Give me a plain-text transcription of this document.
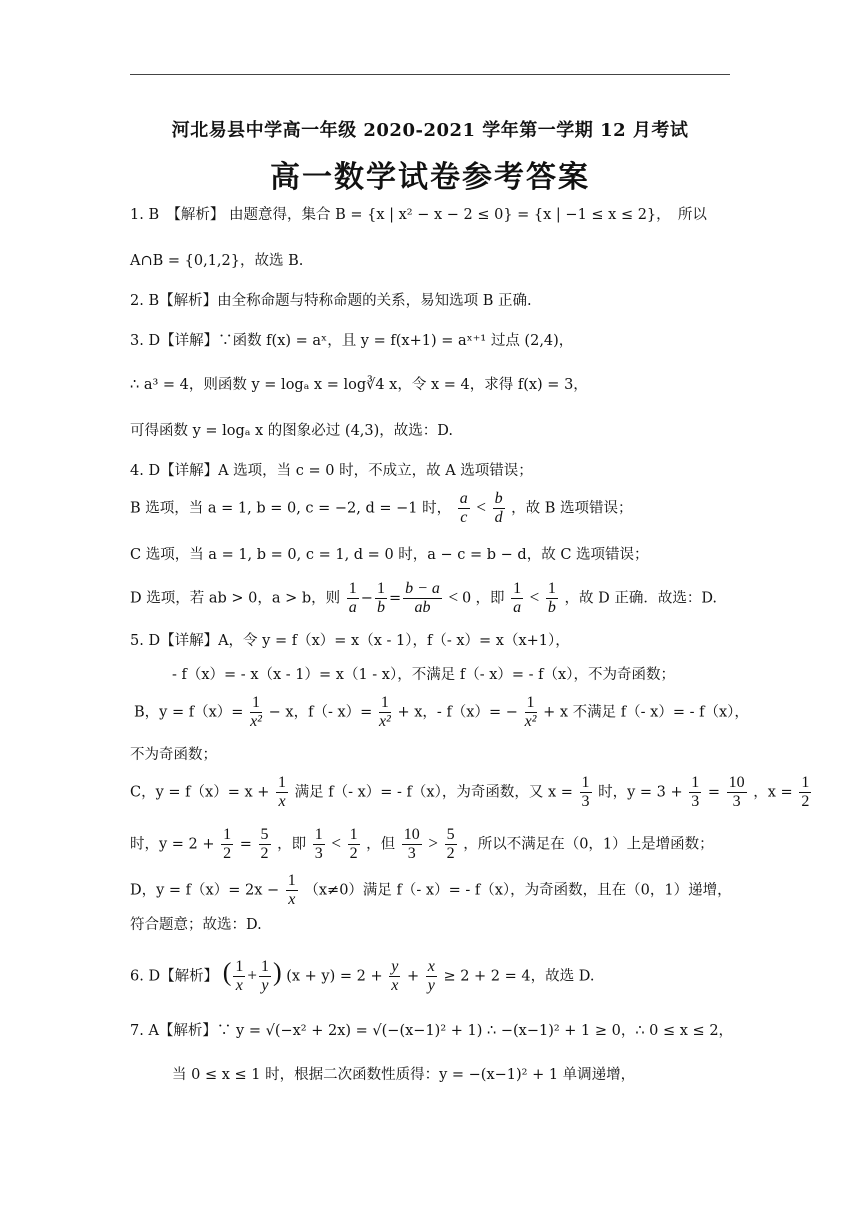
河北易县中学高一年级 2020-2021 学年第一学期 12 月考试
高一数学试卷参考答案
1. B　【解析】 由题意得，集合 B = {x | x² − x − 2 ≤ 0} = {x | −1 ≤ x ≤ 2}，　所以
A∩B = {0,1,2}，故选 B.
2. B【解析】由全称命题与特称命题的关系，易知选项 B 正确.
3. D【详解】∵函数 f(x) = aˣ，且 y = f(x+1) = aˣ⁺¹ 过点 (2,4)，
∴ a³ = 4，则函数 y = logₐ x = log∛4 x，令 x = 4，求得 f(x) = 3，
可得函数 y = logₐ x 的图象必过 (4,3)，故选：D.
4. D【详解】A 选项，当 c = 0 时，不成立，故 A 选项错误；
B 选项，当 a = 1, b = 0, c = −2, d = −1 时， $\frac{a}{c} < \frac{b}{d}$ ，故 B 选项错误；
C 选项，当 a = 1, b = 0, c = 1, d = 0 时，a − c = b − d，故 C 选项错误；
D 选项，若 ab > 0，a > b，则 $\frac{1}{a} - \frac{1}{b} = \frac{b - a}{ab} < 0$ ，即 $\frac{1}{a} < \frac{1}{b}$ ，故 D 正确．故选：D.
5. D【详解】A，令 y = f（x）= x（x - 1），f（- x）= x（x+1），
- f（x）= - x（x - 1）= x（1 - x），不满足 f（- x）= - f（x），不为奇函数；
B，$y = f(x)= \frac{1}{\text{x²}} - x$，f（- $x)= \frac{1}{\text{x²}} + x$，- $f(x)= - \frac{1}{\text{x²}} + x$ 不满足 f（- x）= - f（x），
不为奇函数；
C，$y = f(x)= x + \frac{1}{x}$ 满足 f（- x）= - f（x），为奇函数，又 $x = \frac{1}{3}$ 时，$y = 3 + \frac{1}{3} = \frac{10}{3}$ ，$x = \frac{1}{2}$
时，$y = 2 + \frac{1}{2} = \frac{5}{2}$ ，即 $\frac{1}{3} < \frac{1}{2}$ ，但 $\frac{10}{3} > \frac{5}{2}$ ，所以不满足在（0，1）上是增函数；
D，$y = f(x)= 2x - \frac{1}{x} (x\ne 0)$满足 f（- x）= - f（x），为奇函数，且在（0，1）递增，
符合题意；故选：D.
6. D【解析】 ( $\frac{1}{x} + \frac{1}{y}$ ) $(x + y) = 2 + \frac{y}{x} + \frac{x}{y} \ge 2 + 2 = 4$，故选 D.
7. A【解析】∵ y = √(−x² + 2x) = √(−(x−1)² + 1) ∴ −(x−1)² + 1 ≥ 0，∴ 0 ≤ x ≤ 2，
当 0 ≤ x ≤ 1 时，根据二次函数性质得：y = −(x−1)² + 1 单调递增，
